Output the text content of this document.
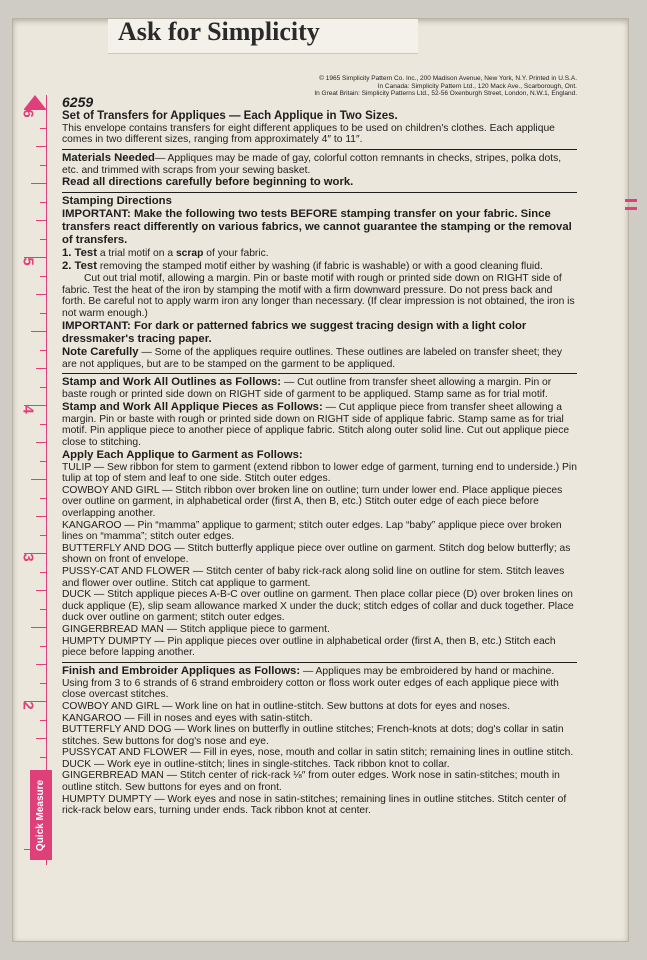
Ask for Simplicity
6
5
4
3
2
Quick Measure

© 1965 Simplicity Pattern Co. Inc., 200 Madison Avenue, New York, N.Y. Printed in U.S.A.

In Canada: Simplicity Pattern Ltd., 120 Mack Ave., Scarborough, Ont.

In Great Britain: Simplicity Patterns Ltd., 52-56 Oxenburgh Street, London, N.W.1, England.

6259
Set of Transfers for Appliques — Each Applique in Two Sizes.

This envelope contains transfers for eight different appliques to be used on children's clothes. Each applique comes in two different sizes, ranging from approximately 4″ to 11″.

Materials Needed— Appliques may be made of gay, colorful cotton remnants in checks, stripes, polka dots, etc. and trimmed with scraps from your sewing basket.

Read all directions carefully before beginning to work.

Stamping Directions

IMPORTANT: Make the following two tests BEFORE stamping transfer on your fabric. Since transfers react differently on various fabrics, we cannot guarantee the stamping or the removal of transfers.

1. Test a trial motif on a scrap of your fabric.

2. Test removing the stamped motif either by washing (if fabric is washable) or with a good cleaning fluid.

Cut out trial motif, allowing a margin. Pin or baste motif with rough or printed side down on RIGHT side of fabric. Test the heat of the iron by stamping the motif with a firm downward pressure. Do not press back and forth. Be careful not to apply warm iron any longer than necessary. (If clear impression is not obtained, the iron is not warm enough.)

IMPORTANT: For dark or patterned fabrics we suggest tracing design with a light color dressmaker's tracing paper.

Note Carefully — Some of the appliques require outlines. These outlines are labeled on transfer sheet; they are not appliques, but are to be stamped on the garment to be appliqued.

Stamp and Work All Outlines as Follows: — Cut outline from transfer sheet allowing a margin. Pin or baste rough or printed side down on RIGHT side of garment to be appliqued. Stamp same as for trial motif.

Stamp and Work All Applique Pieces as Follows: — Cut applique piece from transfer sheet allowing a margin. Pin or baste with rough or printed side down on RIGHT side of applique fabric. Stamp same as for trial motif. Pin applique piece to another piece of applique fabric. Stitch along outer solid line. Cut out applique piece close to stitching.

Apply Each Applique to Garment as Follows:

TULIP — Sew ribbon for stem to garment (extend ribbon to lower edge of garment, turning end to underside.) Pin tulip at top of stem and leaf to one side. Stitch outer edges.

COWBOY AND GIRL — Stitch ribbon over broken line on outline; turn under lower end. Place applique pieces over outline on garment, in alphabetical order (first A, then B, etc.) Stitch outer edge of each piece before overlapping another.

KANGAROO — Pin “mamma” applique to garment; stitch outer edges. Lap “baby” applique piece over broken lines on “mamma”; stitch outer edges.

BUTTERFLY AND DOG — Stitch butterfly applique piece over outline on garment. Stitch dog below butterfly; as shown on front of envelope.

PUSSY-CAT AND FLOWER — Stitch center of baby rick-rack along solid line on outline for stem. Stitch leaves and flower over outline. Stitch cat applique to garment.

DUCK — Stitch applique pieces A-B-C over outline on garment. Then place collar piece (D) over broken lines on duck applique (E), slip seam allowance marked X under the duck; stitch edges of collar and duck together. Place duck over outline on garment; stitch outer edges.

GINGERBREAD MAN — Stitch applique piece to garment.

HUMPTY DUMPTY — Pin applique pieces over outline in alphabetical order (first A, then B, etc.) Stitch each piece before lapping another.

Finish and Embroider Appliques as Follows: — Appliques may be embroidered by hand or machine. Using from 3 to 6 strands of 6 strand embroidery cotton or floss work outer edges of each applique piece with close overcast stitches.

COWBOY AND GIRL — Work line on hat in outline-stitch. Sew buttons at dots for eyes and noses.

KANGAROO — Fill in noses and eyes with satin-stitch.

BUTTERFLY AND DOG — Work lines on butterfly in outline stitches; French-knots at dots; dog's collar in satin stitches. Sew buttons for dog's nose and eye.

PUSSYCAT AND FLOWER — Fill in eyes, nose, mouth and collar in satin stitch; remaining lines in outline stitch.

DUCK — Work eye in outline-stitch; lines in single-stitches. Tack ribbon knot to collar.

GINGERBREAD MAN — Stitch center of rick-rack ⅛″ from outer edges. Work nose in satin-stitches; mouth in outline stitch. Sew buttons for eyes and on front.

HUMPTY DUMPTY — Work eyes and nose in satin-stitches; remaining lines in outline stitches. Stitch center of rick-rack below ears, turning under ends. Tack ribbon knot at center.
